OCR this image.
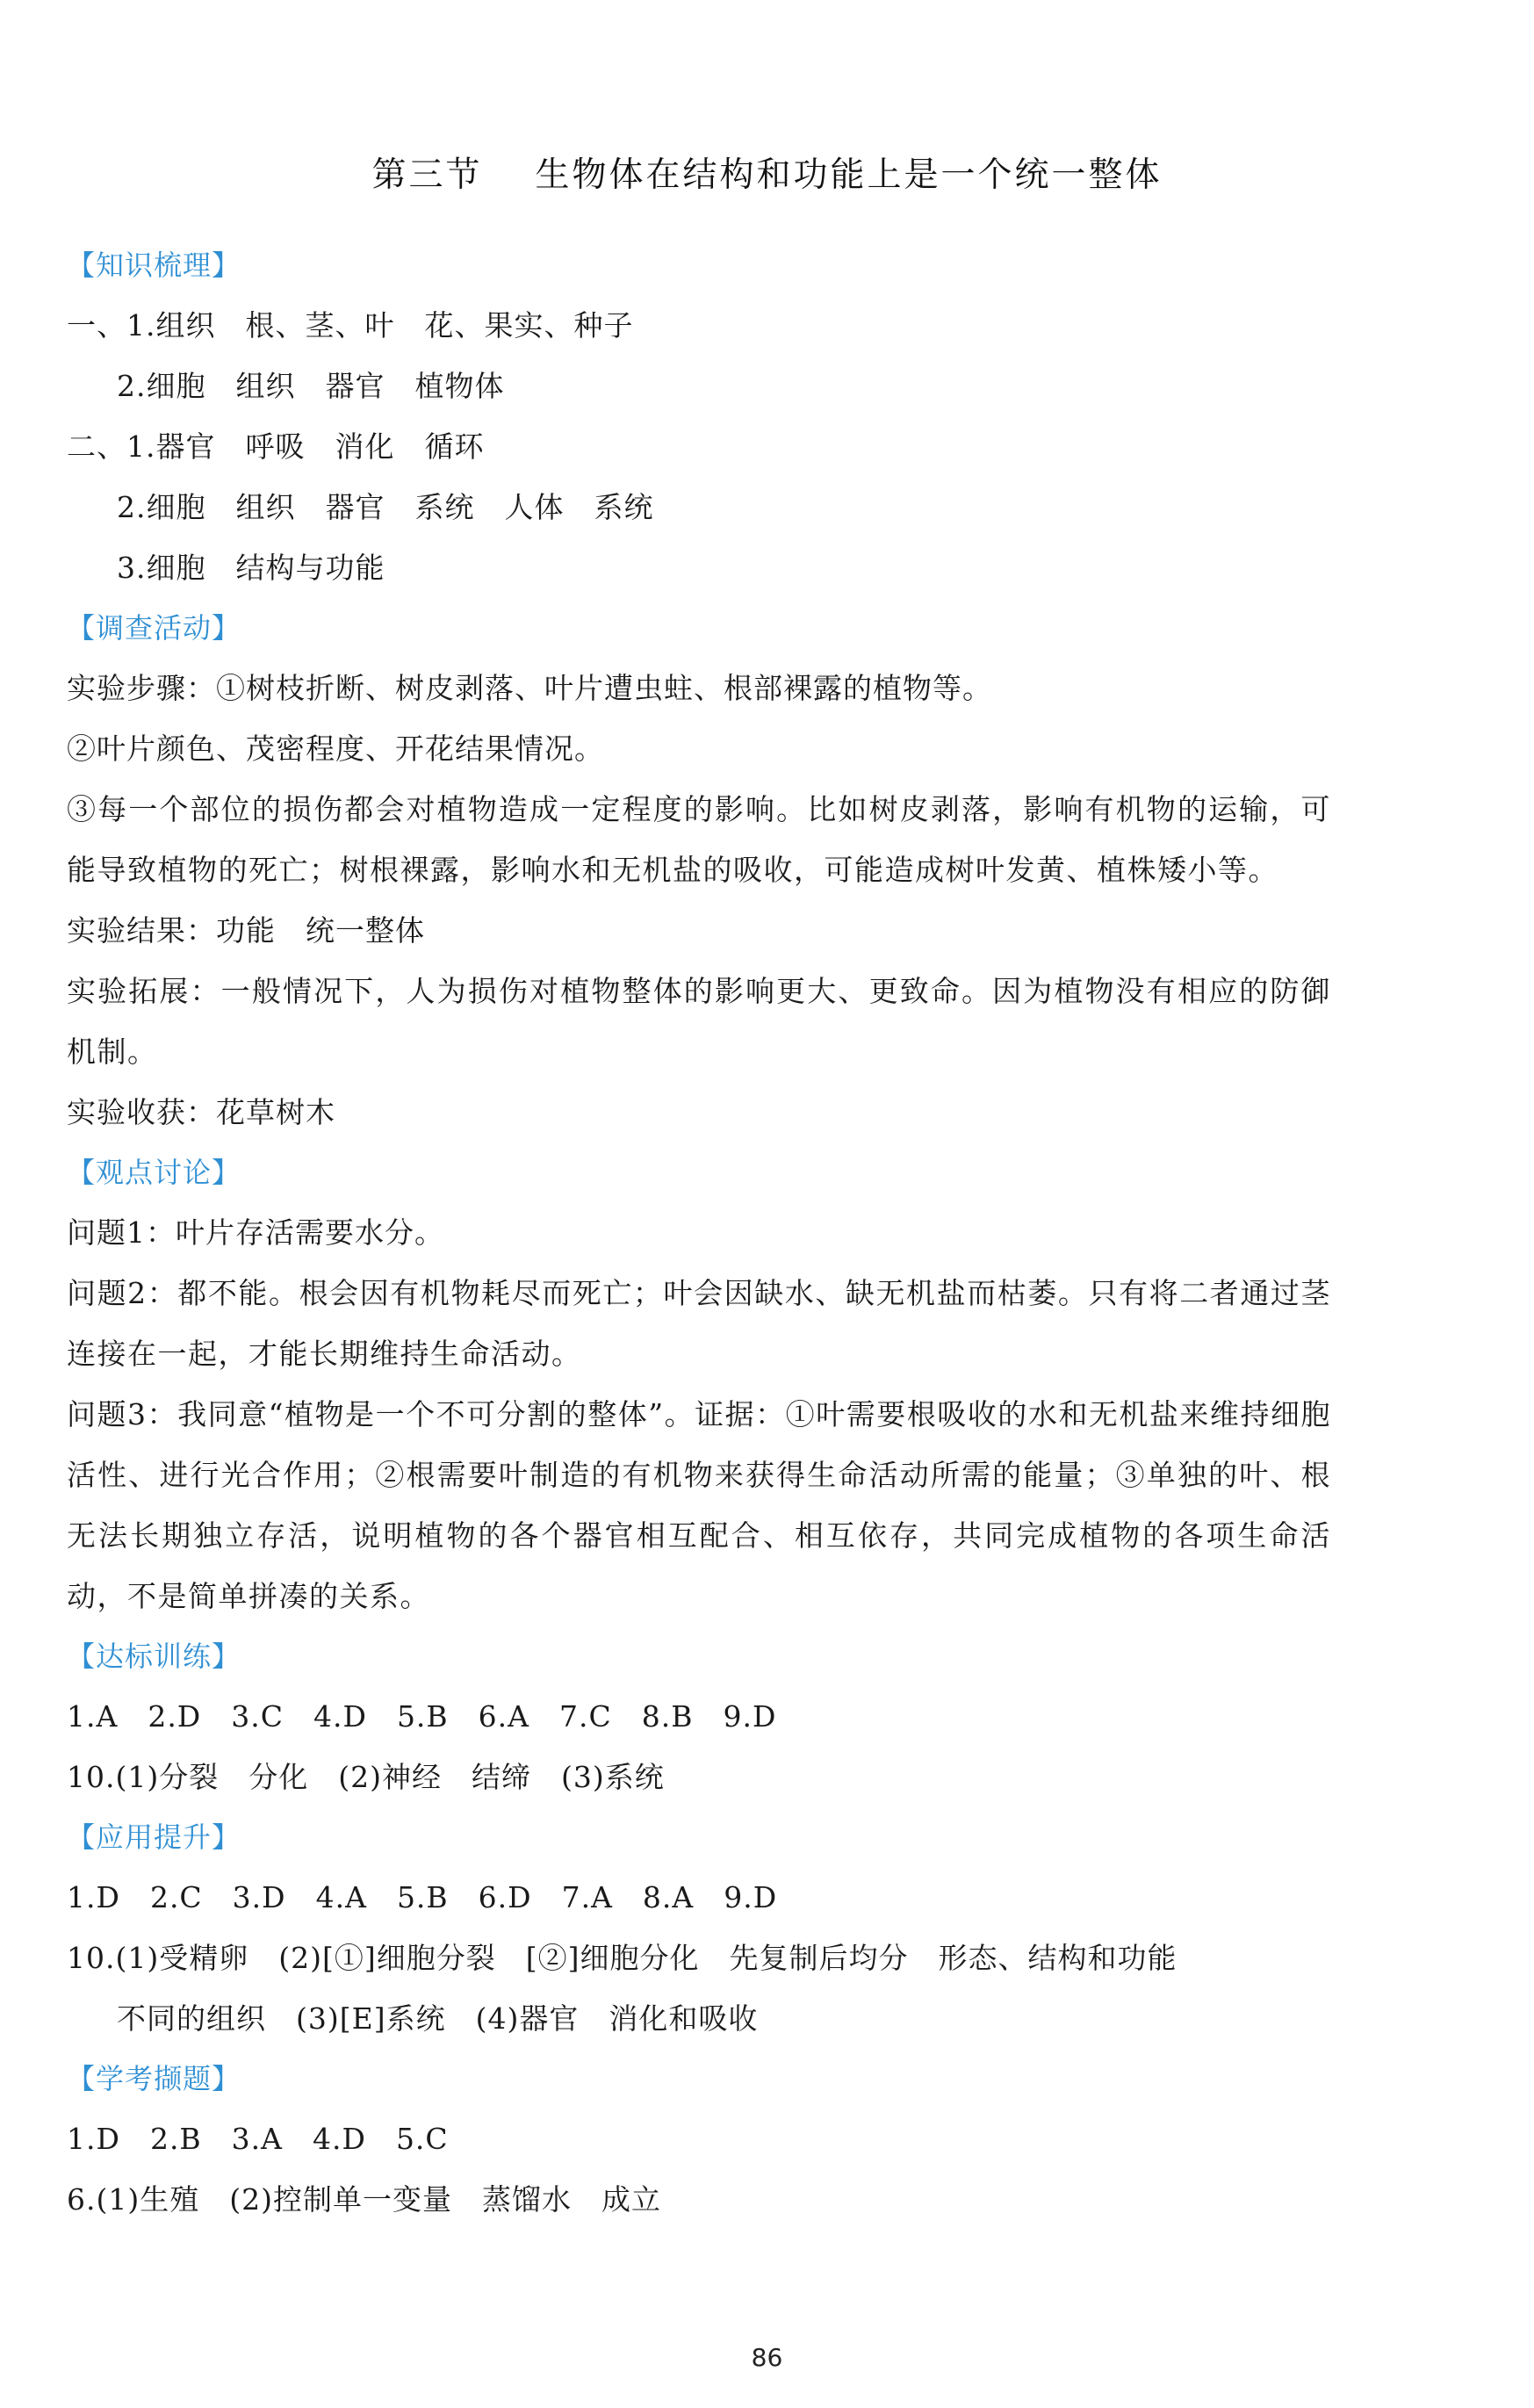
第三节 生物体在结构和功能上是一个统一整体
【知识梳理】
一、1.组织　根、茎、叶　花、果实、种子
2.细胞　组织　器官　植物体
二、1.器官　呼吸　消化　循环
2.细胞　组织　器官　系统　人体　系统
3.细胞　结构与功能
【调查活动】
实验步骤：①树枝折断、树皮剥落、叶片遭虫蛀、根部裸露的植物等。
②叶片颜色、茂密程度、开花结果情况。
③每一个部位的损伤都会对植物造成一定程度的影响。比如树皮剥落，影响有机物的运输，可能导致植物的死亡；树根裸露，影响水和无机盐的吸收，可能造成树叶发黄、植株矮小等。
实验结果：功能　统一整体
实验拓展：一般情况下，人为损伤对植物整体的影响更大、更致命。因为植物没有相应的防御机制。
实验收获：花草树木
【观点讨论】
问题1：叶片存活需要水分。
问题2：都不能。根会因有机物耗尽而死亡；叶会因缺水、缺无机盐而枯萎。只有将二者通过茎连接在一起，才能长期维持生命活动。
问题3：我同意“植物是一个不可分割的整体”。证据：①叶需要根吸收的水和无机盐来维持细胞活性、进行光合作用；②根需要叶制造的有机物来获得生命活动所需的能量；③单独的叶、根无法长期独立存活，说明植物的各个器官相互配合、相互依存，共同完成植物的各项生命活动，不是简单拼凑的关系。
【达标训练】
1.A　2.D　3.C　4.D　5.B　6.A　7.C　8.B　9.D
10.(1)分裂　分化　(2)神经　结缔　(3)系统
【应用提升】
1.D　2.C　3.D　4.A　5.B　6.D　7.A　8.A　9.D
10.(1)受精卵　(2)[①]细胞分裂　[②]细胞分化　先复制后均分　形态、结构和功能
不同的组织　(3)[E]系统　(4)器官　消化和吸收
【学考撷题】
1.D　2.B　3.A　4.D　5.C
6.(1)生殖　(2)控制单一变量　蒸馏水　成立
86
